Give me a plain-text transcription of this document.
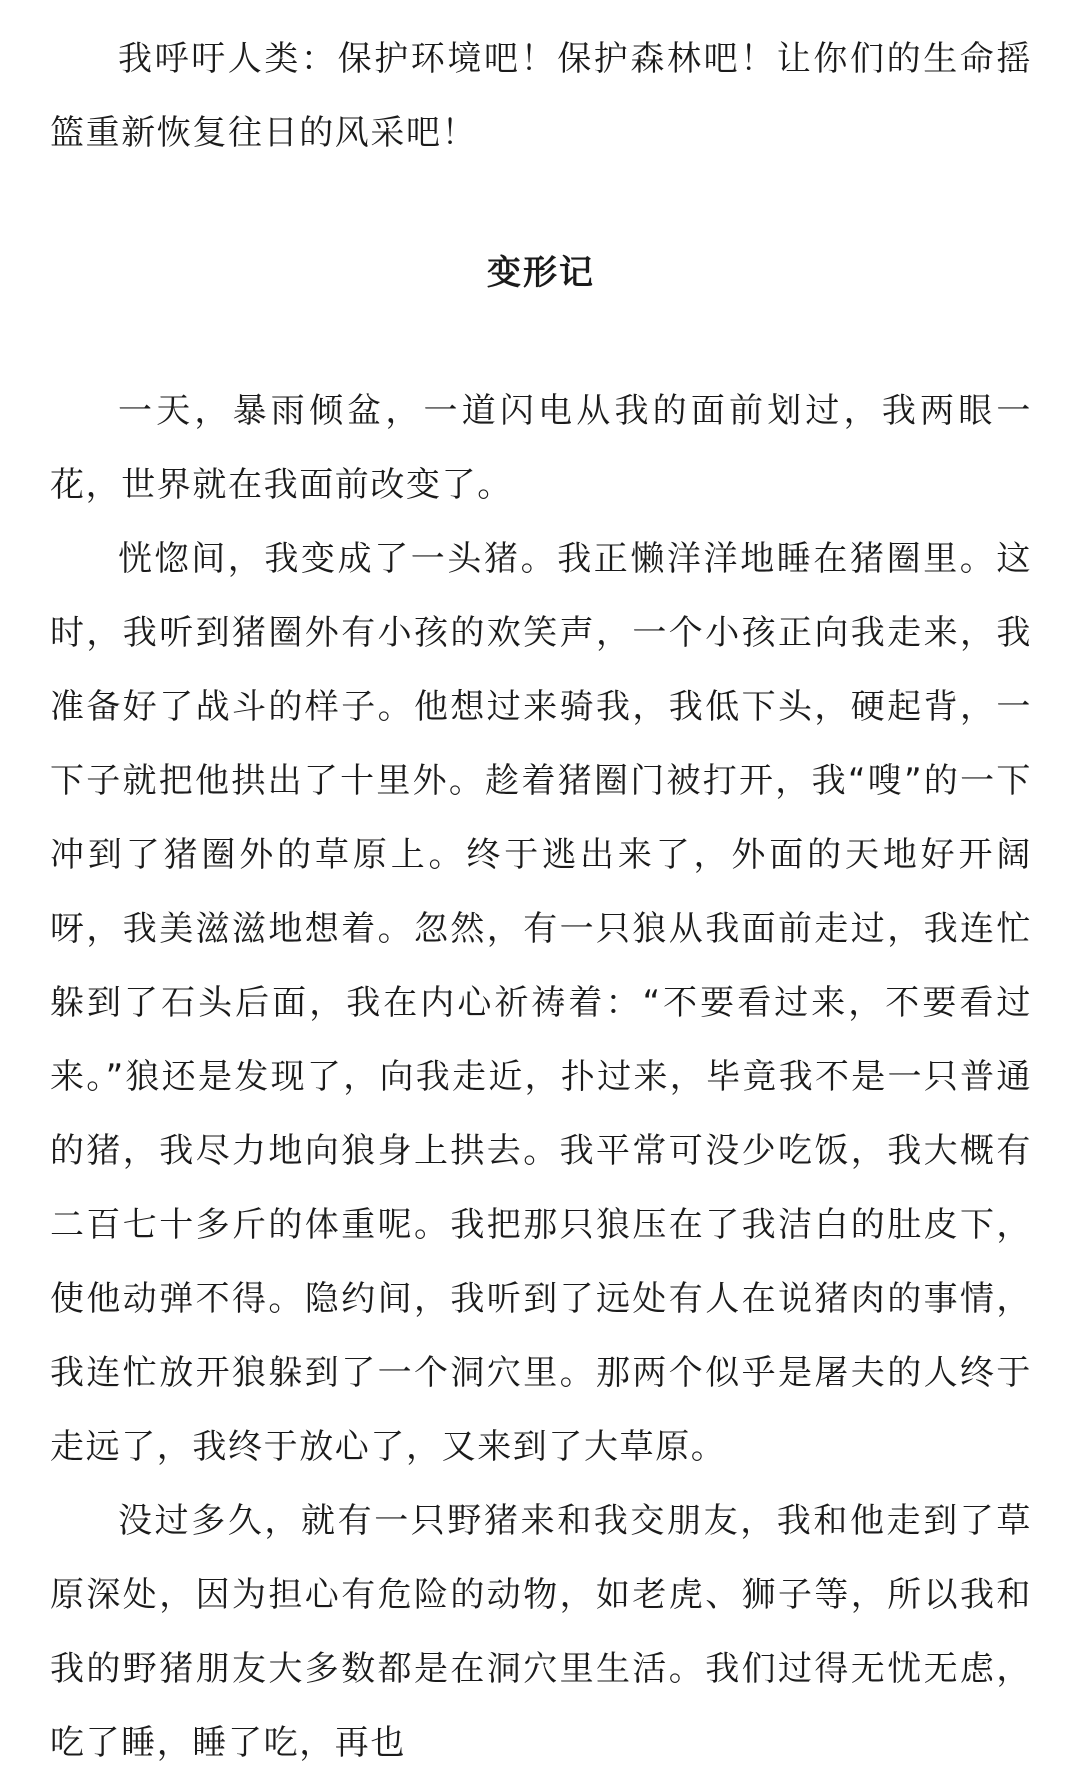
我呼吁人类：保护环境吧！保护森林吧！让你们的生命摇篮重新恢复往日的风采吧！

变形记

一天，暴雨倾盆，一道闪电从我的面前划过，我两眼一花，世界就在我面前改变了。

恍惚间，我变成了一头猪。我正懒洋洋地睡在猪圈里。这时，我听到猪圈外有小孩的欢笑声，一个小孩正向我走来，我准备好了战斗的样子。他想过来骑我，我低下头，硬起背，一下子就把他拱出了十里外。趁着猪圈门被打开，我“嗖”的一下冲到了猪圈外的草原上。终于逃出来了，外面的天地好开阔呀，我美滋滋地想着。忽然，有一只狼从我面前走过，我连忙躲到了石头后面，我在内心祈祷着：“不要看过来，不要看过来。”狼还是发现了，向我走近，扑过来，毕竟我不是一只普通的猪，我尽力地向狼身上拱去。我平常可没少吃饭，我大概有二百七十多斤的体重呢。我把那只狼压在了我洁白的肚皮下，使他动弹不得。隐约间，我听到了远处有人在说猪肉的事情，我连忙放开狼躲到了一个洞穴里。那两个似乎是屠夫的人终于走远了，我终于放心了，又来到了大草原。

没过多久，就有一只野猪来和我交朋友，我和他走到了草原深处，因为担心有危险的动物，如老虎、狮子等，所以我和我的野猪朋友大多数都是在洞穴里生活。我们过得无忧无虑，吃了睡，睡了吃，再也
